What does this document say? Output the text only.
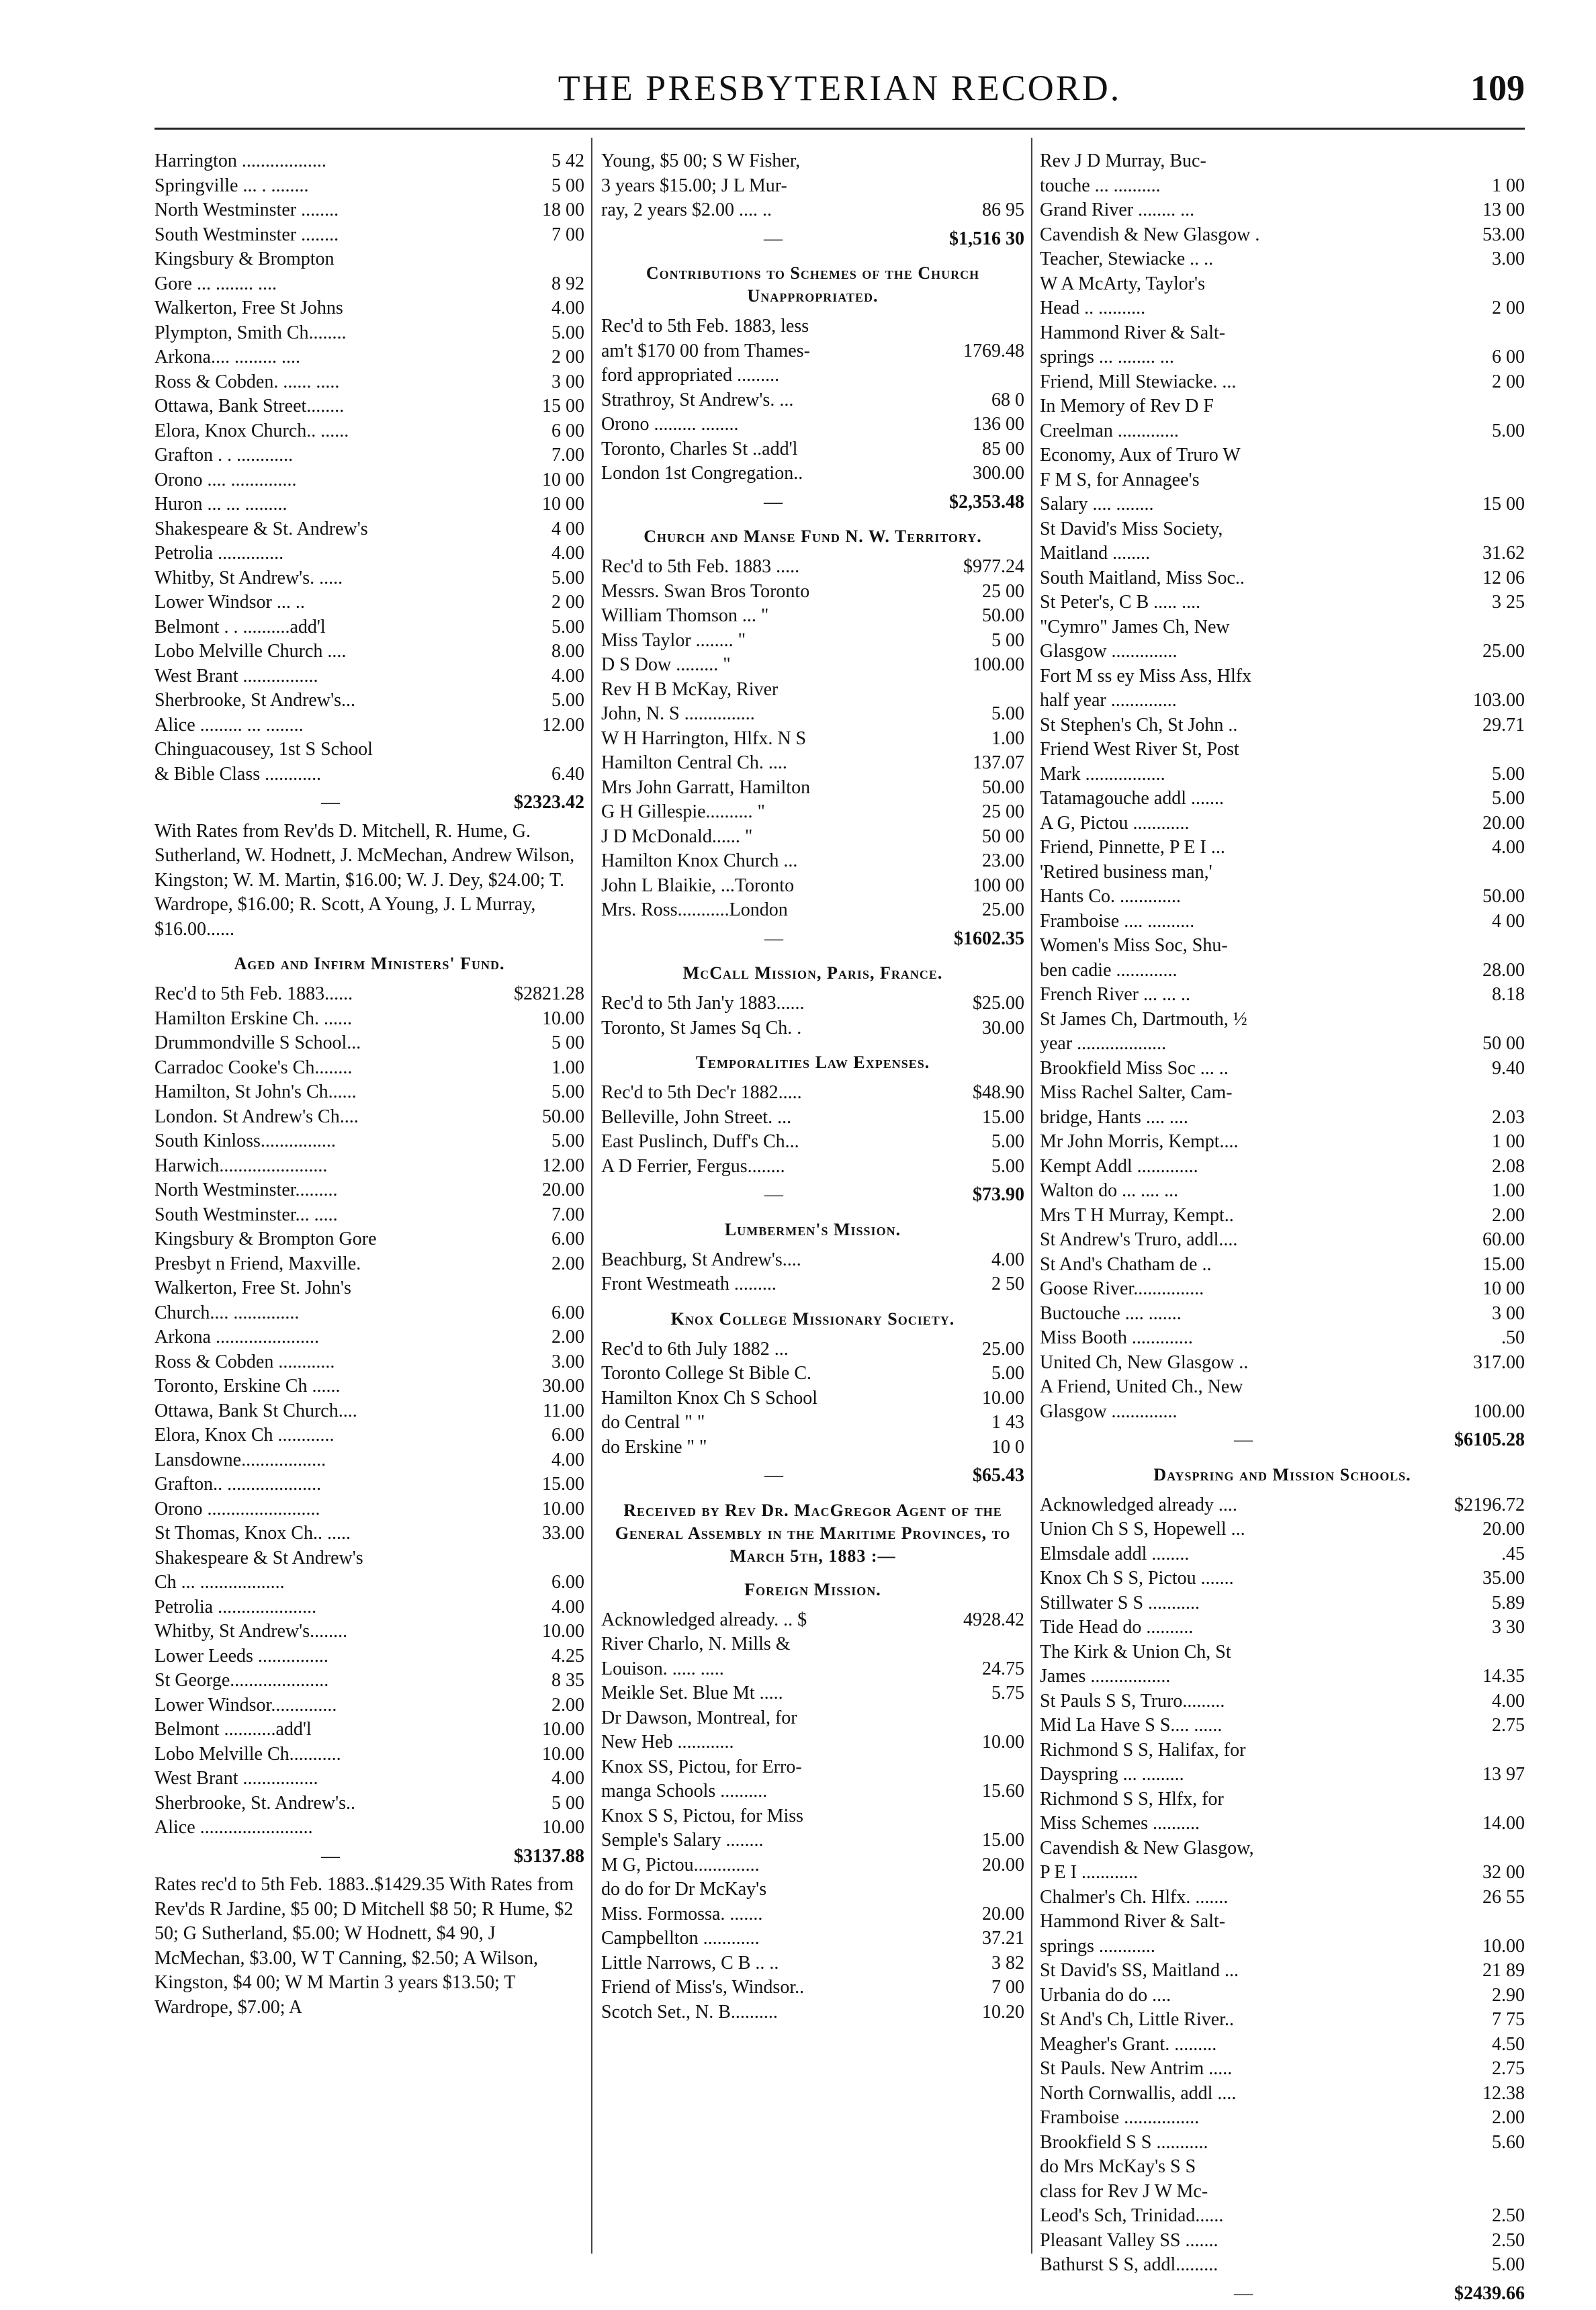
THE PRESBYTERIAN RECORD.	109
Harrington ..................	5 42
Springville ... . ........	5 00
North Westminster ........	18 00
South Westminster ........	7 00
Kingsbury & Brompton
Gore ... ........ ....	8 92
Walkerton, Free St Johns	4.00
Plympton, Smith Ch........	5.00
Arkona.... ......... ....	2 00
Ross & Cobden. ...... .....	3 00
Ottawa, Bank Street........	15 00
Elora, Knox Church.. ......	6 00
Grafton . . ............	7.00
Orono .... ..............	10 00
Huron ... ... .........	10 00
Shakespeare & St. Andrew's	4 00
Petrolia ..............	4.00
Whitby, St Andrew's. .....	5.00
Lower Windsor ... ..	2 00
Belmont . . ..........add'l	5.00
Lobo Melville Church ....	8.00
West Brant ................	4.00
Sherbrooke, St Andrew's...	5.00
Alice ......... ... ........	12.00
Chinguacousey, 1st S School
& Bible Class ............	6.40
—	$2323.42
With Rates from Rev'ds D. Mitchell, R. Hume, G. Sutherland, W. Hodnett, J. McMechan, Andrew Wilson, Kingston; W. M. Martin, $16.00; W. J. Dey, $24.00; T. Wardrope, $16.00; R. Scott, A Young, J. L Murray, $16.00......
Aged and Infirm Ministers' Fund.
Rec'd to 5th Feb. 1883......	$2821.28
Hamilton Erskine Ch. ......	10.00
Drummondville S School...	5 00
Carradoc Cooke's Ch........	1.00
Hamilton, St John's Ch......	5.00
London. St Andrew's Ch....	50.00
South Kinloss................	5.00
Harwich.......................	12.00
North Westminster.........	20.00
South Westminster... .....	7.00
Kingsbury & Brompton Gore	6.00
Presbyt n Friend, Maxville.	2.00
Walkerton, Free St. John's
Church.... ..............	6.00
Arkona ......................	2.00
Ross & Cobden ............	3.00
Toronto, Erskine Ch ......	30.00
Ottawa, Bank St Church....	11.00
Elora, Knox Ch ............	6.00
Lansdowne..................	4.00
Grafton.. ....................	15.00
Orono ........................	10.00
St Thomas, Knox Ch.. .....	33.00
Shakespeare & St Andrew's
Ch ... ..................	6.00
Petrolia .....................	4.00
Whitby, St Andrew's........	10.00
Lower Leeds ...............	4.25
St George.....................	8 35
Lower Windsor..............	2.00
Belmont ...........add'l	10.00
Lobo Melville Ch...........	10.00
West Brant ................	4.00
Sherbrooke, St. Andrew's..	5 00
Alice ........................	10.00
—	$3137.88
Rates rec'd to 5th Feb. 1883..$1429.35 With Rates from Rev'ds R Jardine, $5 00; D Mitchell $8 50; R Hume, $2 50; G Sutherland, $5.00; W Hodnett, $4 90, J McMechan, $3.00, W T Canning, $2.50; A Wilson, Kingston, $4 00; W M Martin 3 years $13.50; T Wardrope, $7.00; A
Young, $5 00; S W Fisher,
3 years $15.00; J L Mur-
ray, 2 years $2.00 .... ..	86 95
—	$1,516 30
Contributions to Schemes of the Church Unappropriated.
Rec'd to 5th Feb. 1883, less
am't $170 00 from Thames-	1769.48
ford appropriated .........
Strathroy, St Andrew's. ...	68 0
Orono ......... ........	136 00
Toronto, Charles St ..add'l	85 00
London 1st Congregation..	300.00
—	$2,353.48
Church and Manse Fund N. W. Territory.
Rec'd to 5th Feb. 1883 .....	$977.24
Messrs. Swan Bros Toronto	25 00
William Thomson ... "	50.00
Miss Taylor ........ "	5 00
D S Dow ......... "	100.00
Rev H B McKay, River
John, N. S ...............	5.00
W H Harrington, Hlfx. N S	1.00
Hamilton Central Ch. ....	137.07
Mrs John Garratt, Hamilton	50.00
G H Gillespie.......... "	25 00
J D McDonald...... "	50 00
Hamilton Knox Church ...	23.00
John L Blaikie, ...Toronto	100 00
Mrs. Ross...........London	25.00
—	$1602.35
McCall Mission, Paris, France.
Rec'd to 5th Jan'y 1883......	$25.00
Toronto, St James Sq Ch. .	30.00
Temporalities Law Expenses.
Rec'd to 5th Dec'r 1882.....	$48.90
Belleville, John Street. ...	15.00
East Puslinch, Duff's Ch...	5.00
A D Ferrier, Fergus........	5.00
—	$73.90
Lumbermen's Mission.
Beachburg, St Andrew's....	4.00
Front Westmeath .........	2 50
Knox College Missionary Society.
Rec'd to 6th July 1882 ...	25.00
Toronto College St Bible C.	5.00
Hamilton Knox Ch S School	10.00
do Central " "	1 43
do Erskine " "	10 0
—	$65.43
Received by Rev Dr. MacGregor Agent of the General Assembly in the Maritime Provinces, to March 5th, 1883 :—
Foreign Mission.
Acknowledged already. .. $	4928.42
River Charlo, N. Mills &
Louison. ..... .....	24.75
Meikle Set. Blue Mt .....	5.75
Dr Dawson, Montreal, for
New Heb ............	10.00
Knox SS, Pictou, for Erro-
manga Schools ..........	15.60
Knox S S, Pictou, for Miss
Semple's Salary ........	15.00
M G, Pictou..............	20.00
do do for Dr McKay's
Miss. Formossa. .......	20.00
Campbellton ............	37.21
Little Narrows, C B .. ..	3 82
Friend of Miss's, Windsor..	7 00
Scotch Set., N. B..........	10.20
Rev J D Murray, Buc-
touche ... ..........	1 00
Grand River ........ ...	13 00
Cavendish & New Glasgow .	53.00
Teacher, Stewiacke .. ..	3.00
W A McArty, Taylor's
Head .. ..........	2 00
Hammond River & Salt-
springs ... ........ ...	6 00
Friend, Mill Stewiacke. ...	2 00
In Memory of Rev D F
Creelman .............	5.00
Economy, Aux of Truro W
F M S, for Annagee's
Salary .... ........	15 00
St David's Miss Society,
Maitland ........	31.62
South Maitland, Miss Soc..	12 06
St Peter's, C B ..... ....	3 25
"Cymro" James Ch, New
Glasgow ..............	25.00
Fort M ss ey Miss Ass, Hlfx
half year ..............	103.00
St Stephen's Ch, St John ..	29.71
Friend West River St, Post
Mark .................	5.00
Tatamagouche addl .......	5.00
A G, Pictou ............	20.00
Friend, Pinnette, P E I ...	4.00
'Retired business man,'
Hants Co. .............	50.00
Framboise .... ..........	4 00
Women's Miss Soc, Shu-
ben cadie .............	28.00
French River ... ... ..	8.18
St James Ch, Dartmouth, ½
year ...................	50 00
Brookfield Miss Soc ... ..	9.40
Miss Rachel Salter, Cam-
bridge, Hants .... ....	2.03
Mr John Morris, Kempt....	1 00
Kempt Addl .............	2.08
Walton do ... .... ...	1.00
Mrs T H Murray, Kempt..	2.00
St Andrew's Truro, addl....	60.00
St And's Chatham de ..	15.00
Goose River...............	10 00
Buctouche .... .......	3 00
Miss Booth .............	.50
United Ch, New Glasgow ..	317.00
A Friend, United Ch., New
Glasgow ..............	100.00
—	$6105.28
Dayspring and Mission Schools.
Acknowledged already ....	$2196.72
Union Ch S S, Hopewell ...	20.00
Elmsdale addl ........	.45
Knox Ch S S, Pictou .......	35.00
Stillwater S S ...........	5.89
Tide Head do ..........	3 30
The Kirk & Union Ch, St
James .................	14.35
St Pauls S S, Truro.........	4.00
Mid La Have S S.... ......	2.75
Richmond S S, Halifax, for
Dayspring ... .........	13 97
Richmond S S, Hlfx, for
Miss Schemes ..........	14.00
Cavendish & New Glasgow,
P E I ............	32 00
Chalmer's Ch. Hlfx. .......	26 55
Hammond River & Salt-
springs ............	10.00
St David's SS, Maitland ...	21 89
Urbania do do ....	2.90
St And's Ch, Little River..	7 75
Meagher's Grant. .........	4.50
St Pauls. New Antrim .....	2.75
North Cornwallis, addl ....	12.38
Framboise ................	2.00
Brookfield S S ...........	5.60
do Mrs McKay's S S
class for Rev J W Mc-
Leod's Sch, Trinidad......	2.50
Pleasant Valley SS .......	2.50
Bathurst S S, addl.........	5.00
—	$2439.66
